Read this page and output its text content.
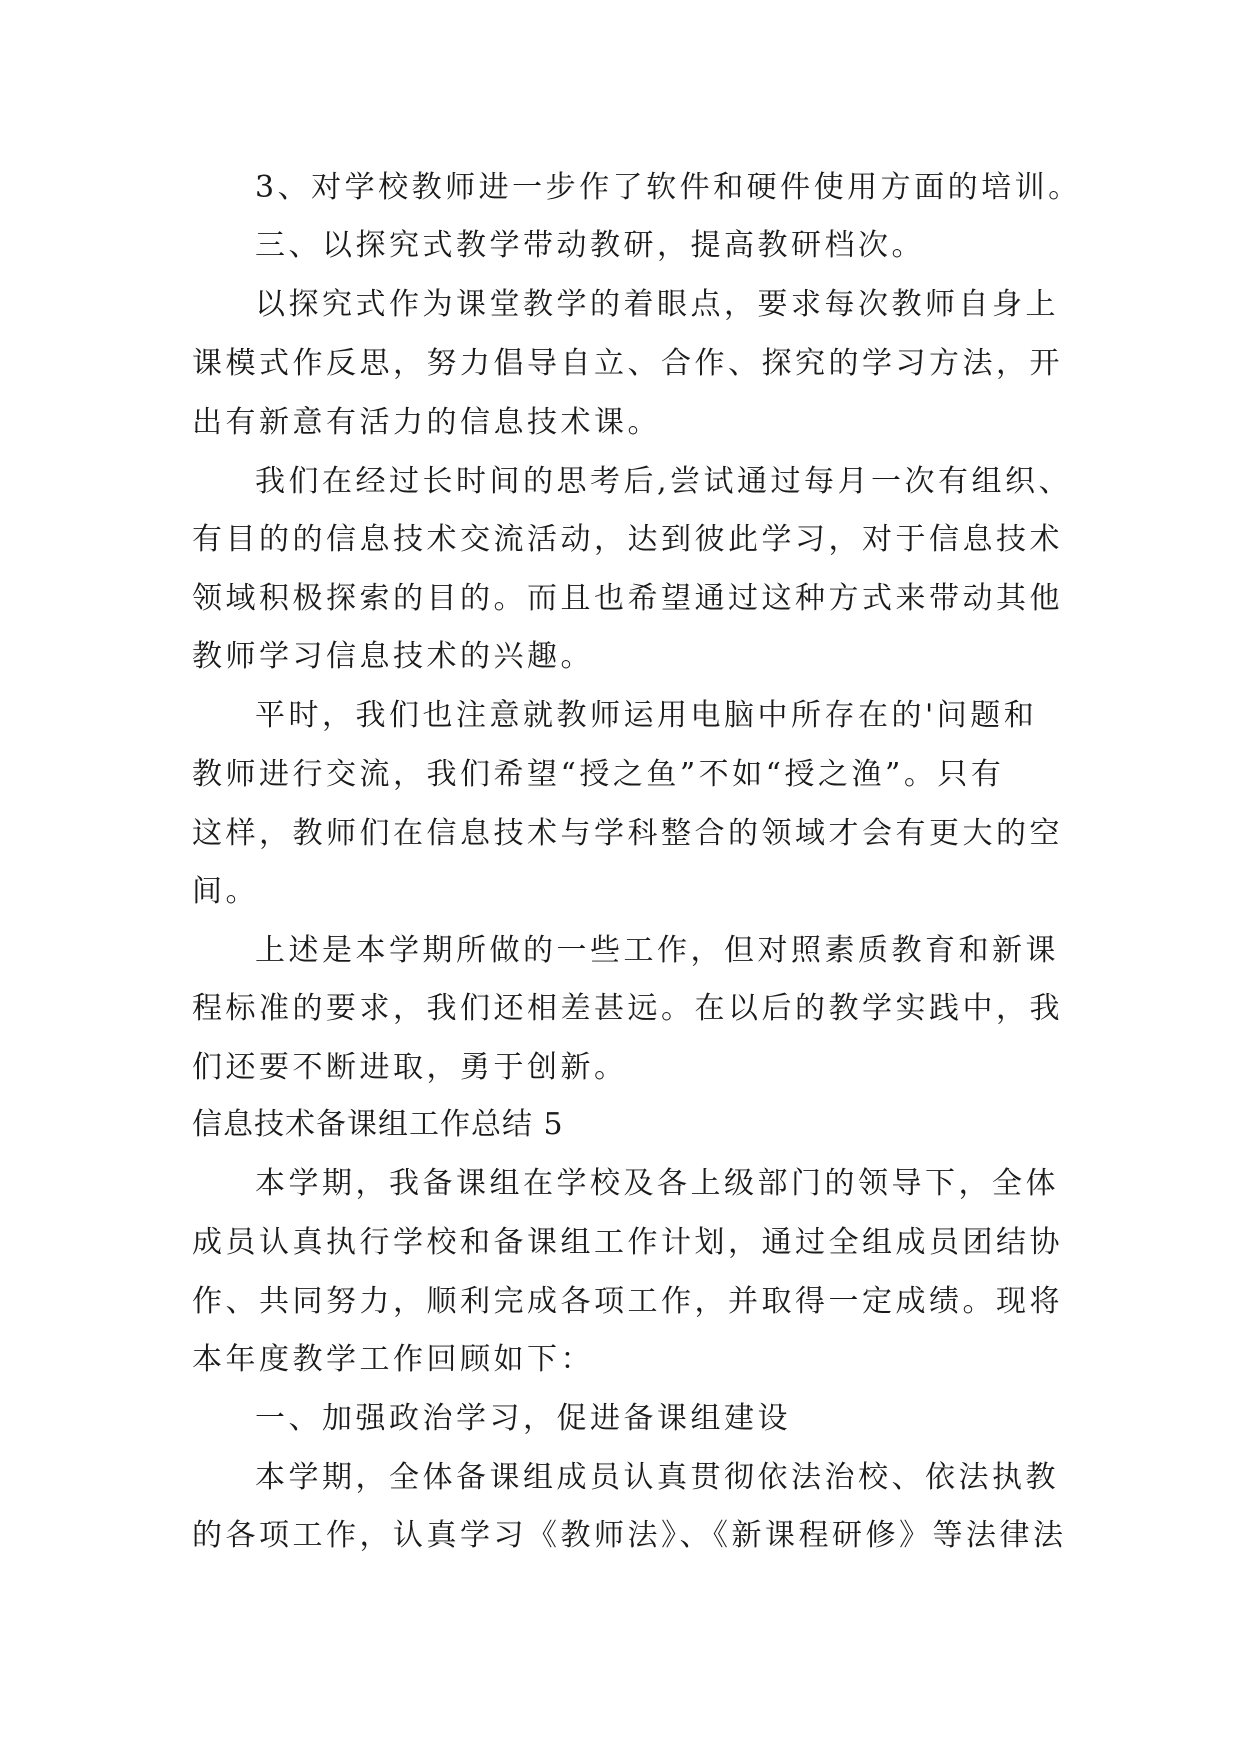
3、对学校教师进一步作了软件和硬件使用方面的培训。
三、以探究式教学带动教研，提高教研档次。
以探究式作为课堂教学的着眼点，要求每次教师自身上
课模式作反思，努力倡导自立、合作、探究的学习方法，开
出有新意有活力的信息技术课。
我们在经过长时间的思考后,尝试通过每月一次有组织、
有目的的信息技术交流活动，达到彼此学习，对于信息技术
领域积极探索的目的。而且也希望通过这种方式来带动其他
教师学习信息技术的兴趣。
平时，我们也注意就教师运用电脑中所存在的'问题和
教师进行交流，我们希望“授之鱼”不如“授之渔”。只有
这样，教师们在信息技术与学科整合的领域才会有更大的空
间。
上述是本学期所做的一些工作，但对照素质教育和新课
程标准的要求，我们还相差甚远。在以后的教学实践中，我
们还要不断进取，勇于创新。
信息技术备课组工作总结 5
本学期，我备课组在学校及各上级部门的领导下，全体
成员认真执行学校和备课组工作计划，通过全组成员团结协
作、共同努力，顺利完成各项工作，并取得一定成绩。现将
本年度教学工作回顾如下：
一、加强政治学习，促进备课组建设
本学期，全体备课组成员认真贯彻依法治校、依法执教
的各项工作，认真学习《教师法》、《新课程研修》等法律法
